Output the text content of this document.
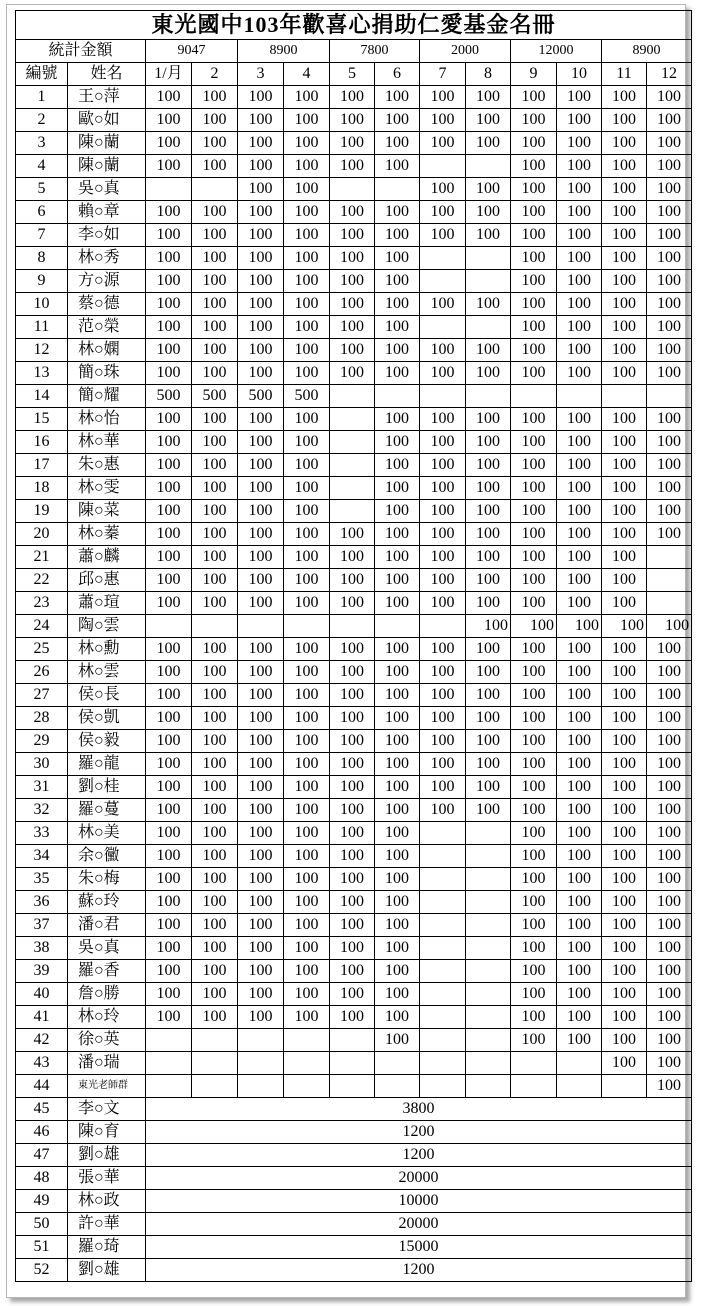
東光國中103年歡喜心捐助仁愛基金名冊													
統計金額		9047		8900		7800		2000		12000		8900	
編號	姓名	1/月	2	3	4	5	6	7	8	9	10	11	12
1	王○萍	100	100	100	100	100	100	100	100	100	100	100	100
2	歐○如	100	100	100	100	100	100	100	100	100	100	100	100
3	陳○蘭	100	100	100	100	100	100	100	100	100	100	100	100
4	陳○蘭	100	100	100	100	100	100			100	100	100	100
5	吳○真			100	100			100	100	100	100	100	100
6	賴○章	100	100	100	100	100	100	100	100	100	100	100	100
7	李○如	100	100	100	100	100	100	100	100	100	100	100	100
8	林○秀	100	100	100	100	100	100			100	100	100	100
9	方○源	100	100	100	100	100	100			100	100	100	100
10	蔡○德	100	100	100	100	100	100	100	100	100	100	100	100
11	范○榮	100	100	100	100	100	100			100	100	100	100
12	林○嫻	100	100	100	100	100	100	100	100	100	100	100	100
13	簡○珠	100	100	100	100	100	100	100	100	100	100	100	100
14	簡○耀	500	500	500	500								
15	林○怡	100	100	100	100		100	100	100	100	100	100	100
16	林○華	100	100	100	100		100	100	100	100	100	100	100
17	朱○惠	100	100	100	100		100	100	100	100	100	100	100
18	林○雯	100	100	100	100		100	100	100	100	100	100	100
19	陳○菜	100	100	100	100		100	100	100	100	100	100	100
20	林○蓁	100	100	100	100	100	100	100	100	100	100	100	100
21	蕭○麟	100	100	100	100	100	100	100	100	100	100	100	
22	邱○惠	100	100	100	100	100	100	100	100	100	100	100	
23	蕭○瑄	100	100	100	100	100	100	100	100	100	100	100	
24	陶○雲								100	100	100	100	100
25	林○勳	100	100	100	100	100	100	100	100	100	100	100	100
26	林○雲	100	100	100	100	100	100	100	100	100	100	100	100
27	侯○長	100	100	100	100	100	100	100	100	100	100	100	100
28	侯○凱	100	100	100	100	100	100	100	100	100	100	100	100
29	侯○毅	100	100	100	100	100	100	100	100	100	100	100	100
30	羅○龍	100	100	100	100	100	100	100	100	100	100	100	100
31	劉○桂	100	100	100	100	100	100	100	100	100	100	100	100
32	羅○蔓	100	100	100	100	100	100	100	100	100	100	100	100
33	林○美	100	100	100	100	100	100			100	100	100	100
34	余○黴	100	100	100	100	100	100			100	100	100	100
35	朱○梅	100	100	100	100	100	100			100	100	100	100
36	蘇○玲	100	100	100	100	100	100			100	100	100	100
37	潘○君	100	100	100	100	100	100			100	100	100	100
38	吳○真	100	100	100	100	100	100			100	100	100	100
39	羅○香	100	100	100	100	100	100			100	100	100	100
40	詹○勝	100	100	100	100	100	100			100	100	100	100
41	林○玲	100	100	100	100	100	100			100	100	100	100
42	徐○英						100			100	100	100	100
43	潘○瑞											100	100
44	東光老師群												100
45	李○文	3800											
46	陳○育	1200											
47	劉○雄	1200											
48	張○華	20000											
49	林○政	10000											
50	許○華	20000											
51	羅○琦	15000											
52	劉○雄	1200											
